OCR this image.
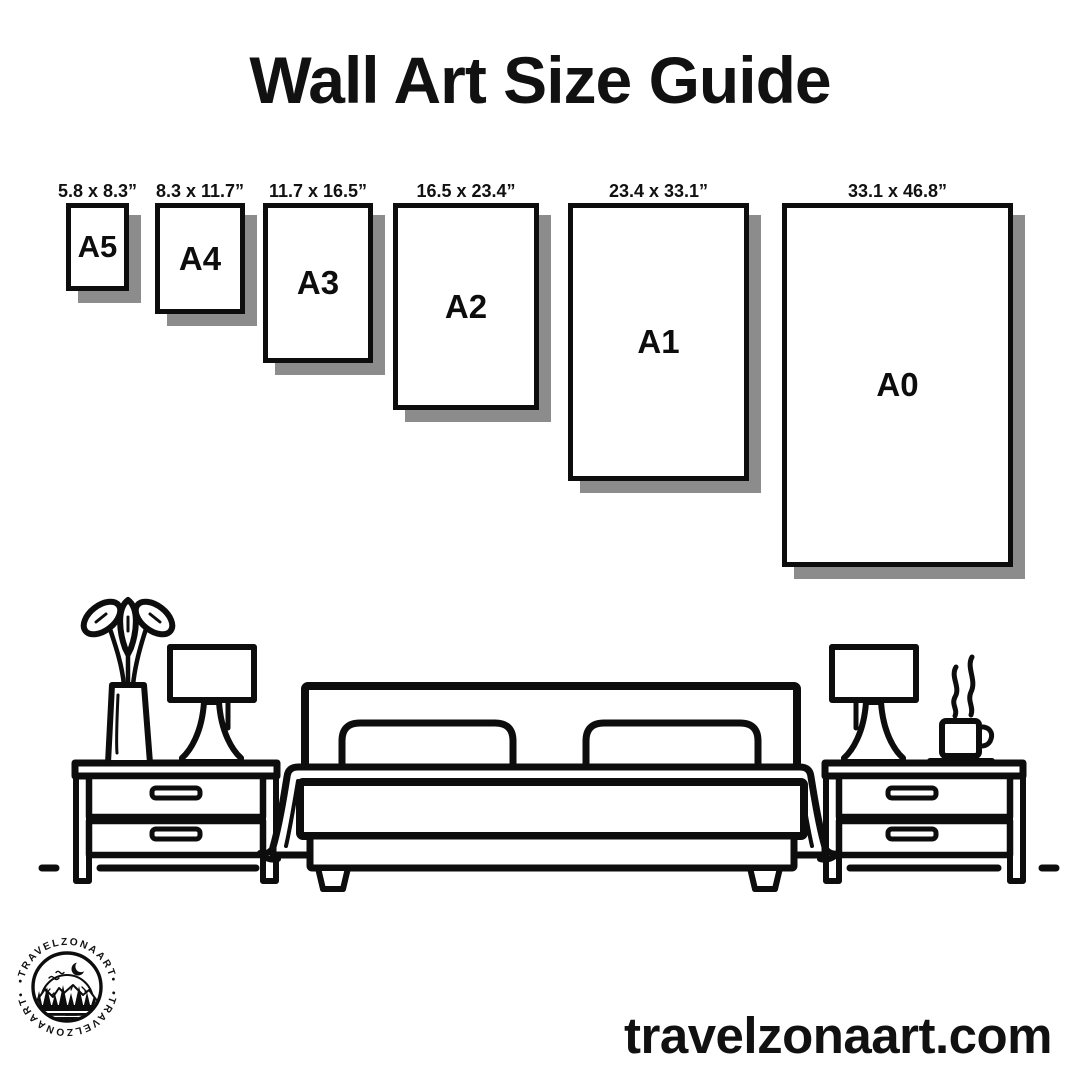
Wall Art Size Guide
5.8 x 8.3”
A5
8.3 x 11.7”
A4
11.7 x 16.5”
A3
16.5 x 23.4”
A2
23.4 x 33.1”
A1
33.1 x 46.8”
A0
•TRAVELZONAART•
•TRAVELZONAART•
travelzonaart.com
